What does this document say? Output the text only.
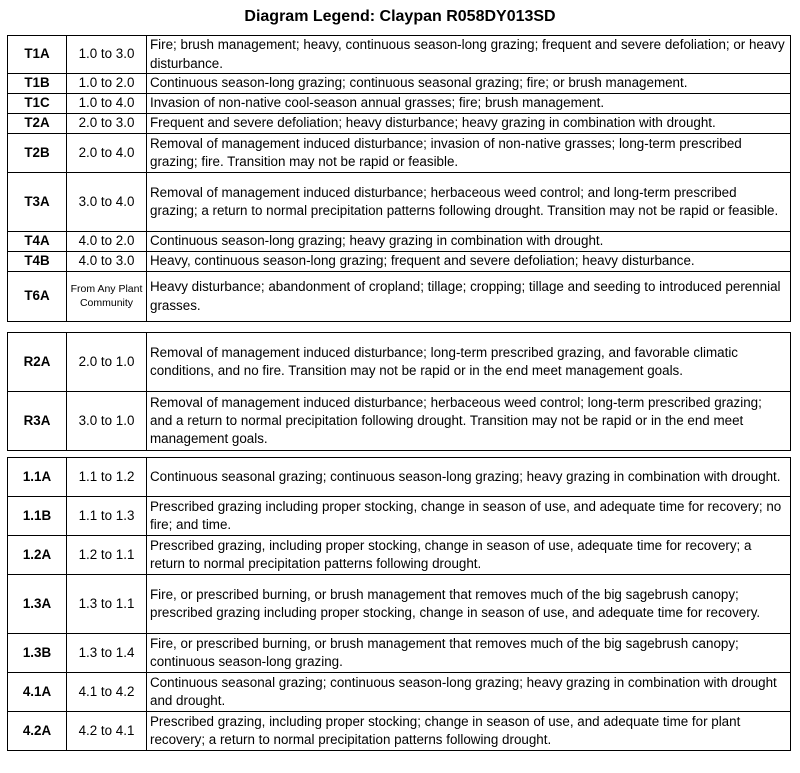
Diagram Legend: Claypan R058DY013SD
T1A	1.0 to 3.0	Fire; brush management; heavy, continuous season-long grazing; frequent and severe defoliation; or heavy disturbance.
T1B	1.0 to 2.0	Continuous season-long grazing; continuous seasonal grazing; fire; or brush management.
T1C	1.0 to 4.0	Invasion of non-native cool-season annual grasses; fire; brush management.
T2A	2.0 to 3.0	Frequent and severe defoliation; heavy disturbance; heavy grazing in combination with drought.
T2B	2.0 to 4.0	Removal of management induced disturbance; invasion of non-native grasses; long-term prescribed grazing; fire. Transition may not be rapid or feasible.
T3A	3.0 to 4.0	Removal of management induced disturbance; herbaceous weed control; and long-term prescribed grazing; a return to normal precipitation patterns following drought. Transition may not be rapid or feasible.
T4A	4.0 to 2.0	Continuous season-long grazing; heavy grazing in combination with drought.
T4B	4.0 to 3.0	Heavy, continuous season-long grazing; frequent and severe defoliation; heavy disturbance.
T6A	From Any Plant Community	Heavy disturbance; abandonment of cropland; tillage; cropping; tillage and seeding to introduced perennial grasses.
R2A	2.0 to 1.0	Removal of management induced disturbance; long-term prescribed grazing, and favorable climatic conditions, and no fire. Transition may not be rapid or in the end meet management goals.
R3A	3.0 to 1.0	Removal of management induced disturbance; herbaceous weed control; long-term prescribed grazing; and a return to normal precipitation following drought. Transition may not be rapid or in the end meet management goals.
1.1A	1.1 to 1.2	Continuous seasonal grazing; continuous season-long grazing; heavy grazing in combination with drought.
1.1B	1.1 to 1.3	Prescribed grazing including proper stocking, change in season of use, and adequate time for recovery; no fire; and time.
1.2A	1.2 to 1.1	Prescribed grazing, including proper stocking, change in season of use, adequate time for recovery; a return to normal precipitation patterns following drought.
1.3A	1.3 to 1.1	Fire, or prescribed burning, or brush management that removes much of the big sagebrush canopy; prescribed grazing including proper stocking, change in season of use, and adequate time for recovery.
1.3B	1.3 to 1.4	Fire, or prescribed burning, or brush management that removes much of the big sagebrush canopy; continuous season-long grazing.
4.1A	4.1 to 4.2	Continuous seasonal grazing; continuous season-long grazing; heavy grazing in combination with drought and drought.
4.2A	4.2 to 4.1	Prescribed grazing, including proper stocking; change in season of use, and adequate time for plant recovery; a return to normal precipitation patterns following drought.
